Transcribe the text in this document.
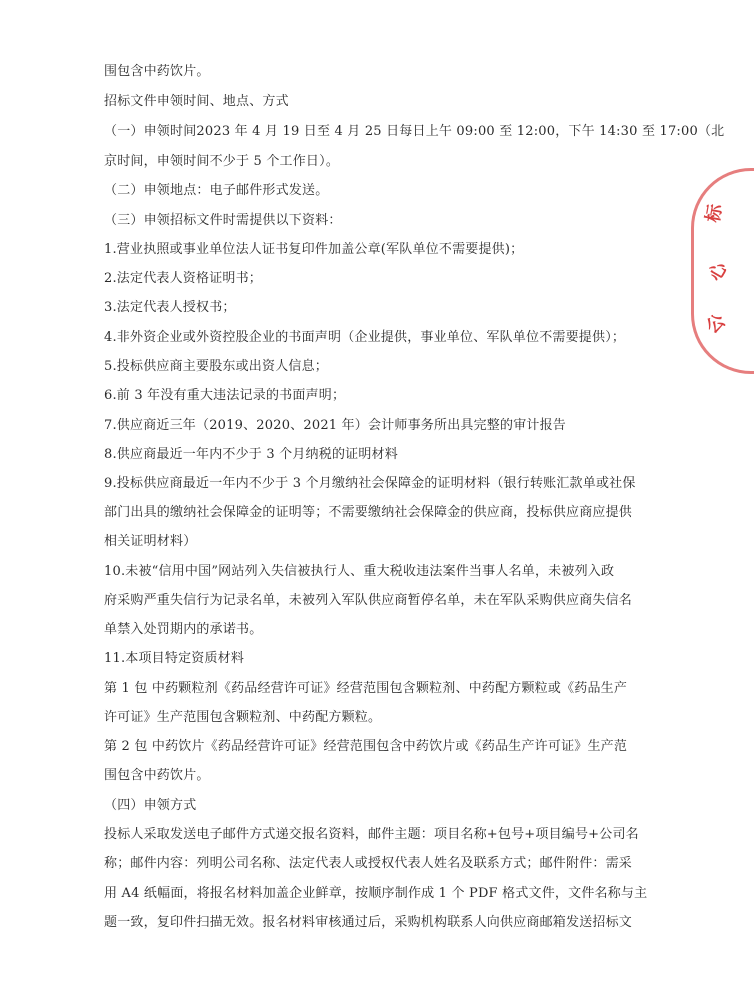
围包含中药饮片。
招标文件申领时间、地点、方式
（一）申领时间2023 年 4 月 19 日至 4 月 25 日每日上午 09:00 至 12:00，下午 14:30 至 17:00（北
京时间，申领时间不少于 5 个工作日）。
（二）申领地点：电子邮件形式发送。
（三）申领招标文件时需提供以下资料：
1.营业执照或事业单位法人证书复印件加盖公章(军队单位不需要提供)；
2.法定代表人资格证明书；
3.法定代表人授权书；
4.非外资企业或外资控股企业的书面声明（企业提供，事业单位、军队单位不需要提供）；
5.投标供应商主要股东或出资人信息；
6.前 3 年没有重大违法记录的书面声明；
7.供应商近三年（2019、2020、2021 年）会计师事务所出具完整的审计报告
8.供应商最近一年内不少于 3 个月纳税的证明材料
9.投标供应商最近一年内不少于 3 个月缴纳社会保障金的证明材料（银行转账汇款单或社保
部门出具的缴纳社会保障金的证明等；不需要缴纳社会保障金的供应商，投标供应商应提供
相关证明材料）
10.未被“信用中国”网站列入失信被执行人、重大税收违法案件当事人名单，未被列入政
府采购严重失信行为记录名单，未被列入军队供应商暂停名单，未在军队采购供应商失信名
单禁入处罚期内的承诺书。
11.本项目特定资质材料
第 1 包 中药颗粒剂《药品经营许可证》经营范围包含颗粒剂、中药配方颗粒或《药品生产
许可证》生产范围包含颗粒剂、中药配方颗粒。
第 2 包 中药饮片《药品经营许可证》经营范围包含中药饮片或《药品生产许可证》生产范
围包含中药饮片。
（四）申领方式
投标人采取发送电子邮件方式递交报名资料，邮件主题：项目名称+包号+项目编号+公司名
称；邮件内容：列明公司名称、法定代表人或授权代表人姓名及联系方式；邮件附件：需采
用 A4 纸幅面，将报名材料加盖企业鲜章，按顺序制作成 1 个 PDF 格式文件，文件名称与主
题一致，复印件扫描无效。报名材料审核通过后，采购机构联系人向供应商邮箱发送招标文
标
心
公
